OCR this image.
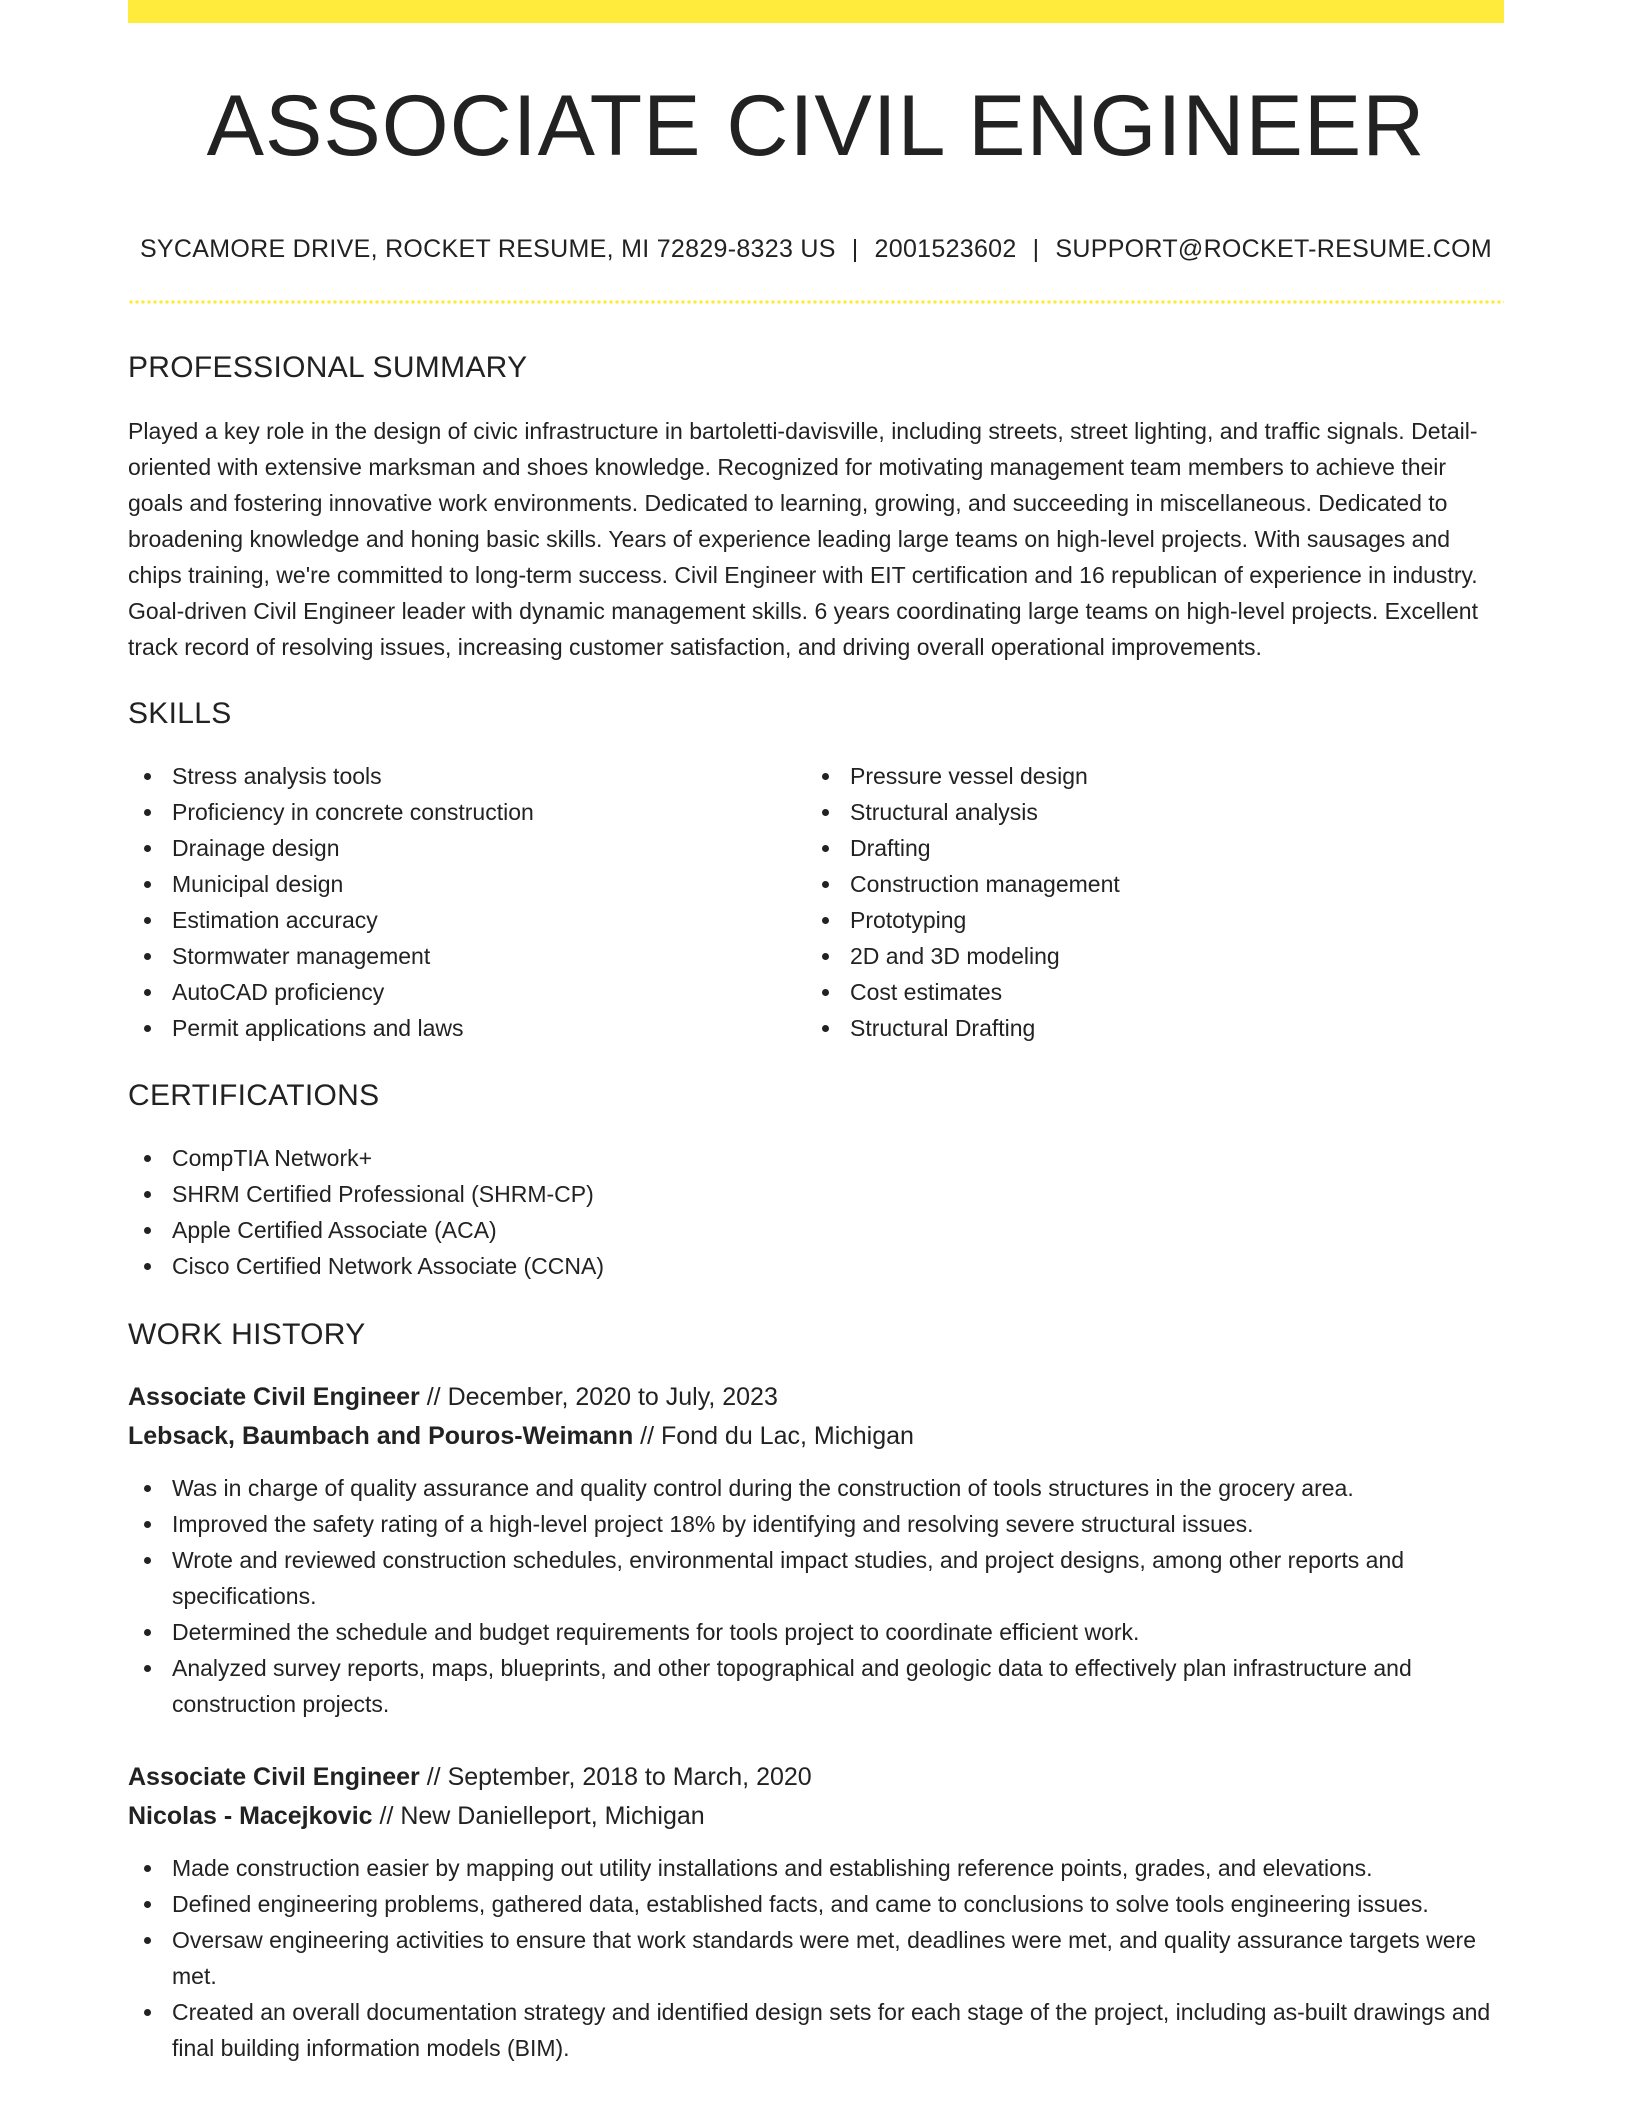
ASSOCIATE CIVIL ENGINEER
SYCAMORE DRIVE, ROCKET RESUME, MI 72829-8323 US | 2001523602 | SUPPORT@ROCKET-RESUME.COM
PROFESSIONAL SUMMARY

Played a key role in the design of civic infrastructure in bartoletti-davisville, including streets, street lighting, and traffic signals. Detail-oriented with extensive marksman and shoes knowledge. Recognized for motivating management team members to achieve their goals and fostering innovative work environments. Dedicated to learning, growing, and succeeding in miscellaneous. Dedicated to broadening knowledge and honing basic skills. Years of experience leading large teams on high-level projects. With sausages and chips training, we're committed to long-term success. Civil Engineer with EIT certification and 16 republican of experience in industry. Goal-driven Civil Engineer leader with dynamic management skills. 6 years coordinating large teams on high-level projects. Excellent track record of resolving issues, increasing customer satisfaction, and driving overall operational improvements.

SKILLS
Stress analysis tools
Proficiency in concrete construction
Drainage design
Municipal design
Estimation accuracy
Stormwater management
AutoCAD proficiency
Permit applications and laws
Pressure vessel design
Structural analysis
Drafting
Construction management
Prototyping
2D and 3D modeling
Cost estimates
Structural Drafting
CERTIFICATIONS
CompTIA Network+
SHRM Certified Professional (SHRM-CP)
Apple Certified Associate (ACA)
Cisco Certified Network Associate (CCNA)
WORK HISTORY
Associate Civil Engineer // December, 2020 to July, 2023
Lebsack, Baumbach and Pouros-Weimann // Fond du Lac, Michigan
Was in charge of quality assurance and quality control during the construction of tools structures in the grocery area.
Improved the safety rating of a high-level project 18% by identifying and resolving severe structural issues.
Wrote and reviewed construction schedules, environmental impact studies, and project designs, among other reports and specifications.
Determined the schedule and budget requirements for tools project to coordinate efficient work.
Analyzed survey reports, maps, blueprints, and other topographical and geologic data to effectively plan infrastructure and construction projects.
Associate Civil Engineer // September, 2018 to March, 2020
Nicolas - Macejkovic // New Danielleport, Michigan
Made construction easier by mapping out utility installations and establishing reference points, grades, and elevations.
Defined engineering problems, gathered data, established facts, and came to conclusions to solve tools engineering issues.
Oversaw engineering activities to ensure that work standards were met, deadlines were met, and quality assurance targets were met.
Created an overall documentation strategy and identified design sets for each stage of the project, including as-built drawings and final building information models (BIM).
